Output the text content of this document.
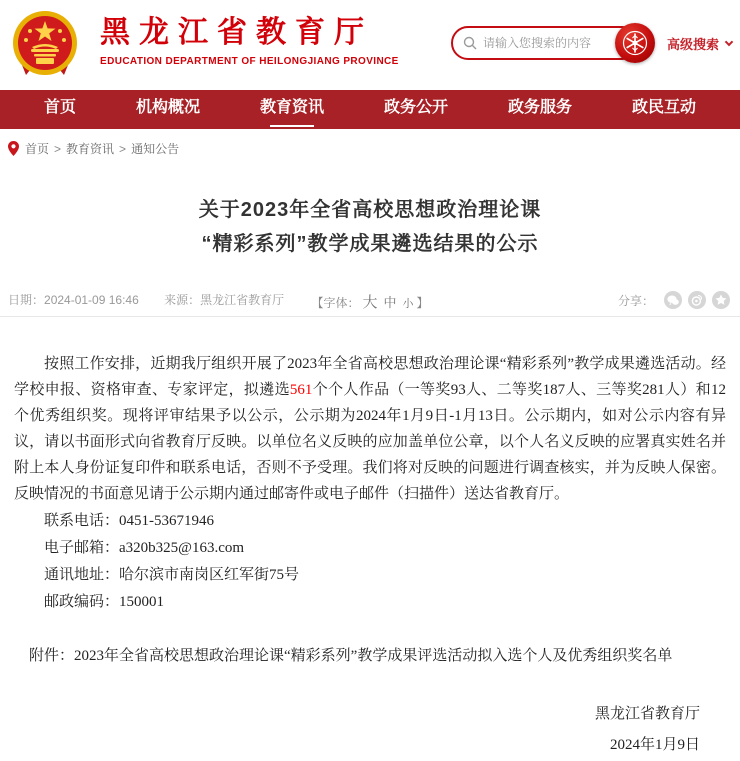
黑龙江省教育厅
EDUCATION DEPARTMENT OF HEILONGJIANG PROVINCE
请输入您搜索的内容
高级搜索
首页	机构概况	教育资讯	政务公开	政务服务	政民互动
首页 > 教育资讯 > 通知公告
关于2023年全省高校思想政治理论课
“精彩系列”教学成果遴选结果的公示
日期：2024-01-09 16:46 来源：黑龙江省教育厅	【字体： 大 中 小 】	分享：

按照工作安排，近期我厅组织开展了2023年全省高校思想政治理论课“精彩系列”教学成果遴选活动。经学校申报、资格审查、专家评定，拟遴选561个个人作品（一等奖93人、二等奖187人、三等奖281人）和12个优秀组织奖。现将评审结果予以公示，公示期为2024年1月9日-1月13日。公示期内，如对公示内容有异议，请以书面形式向省教育厅反映。以单位名义反映的应加盖单位公章，以个人名义反映的应署真实姓名并附上本人身份证复印件和联系电话，否则不予受理。我们将对反映的问题进行调查核实，并为反映人保密。反映情况的书面意见请于公示期内通过邮寄件或电子邮件（扫描件）送达省教育厅。

联系电话：0451-53671946
电子邮箱：a320b325@163.com
通讯地址：哈尔滨市南岗区红军街75号
邮政编码：150001
附件：2023年全省高校思想政治理论课“精彩系列”教学成果评选活动拟入选个人及优秀组织奖名单
黑龙江省教育厅
2024年1月9日
